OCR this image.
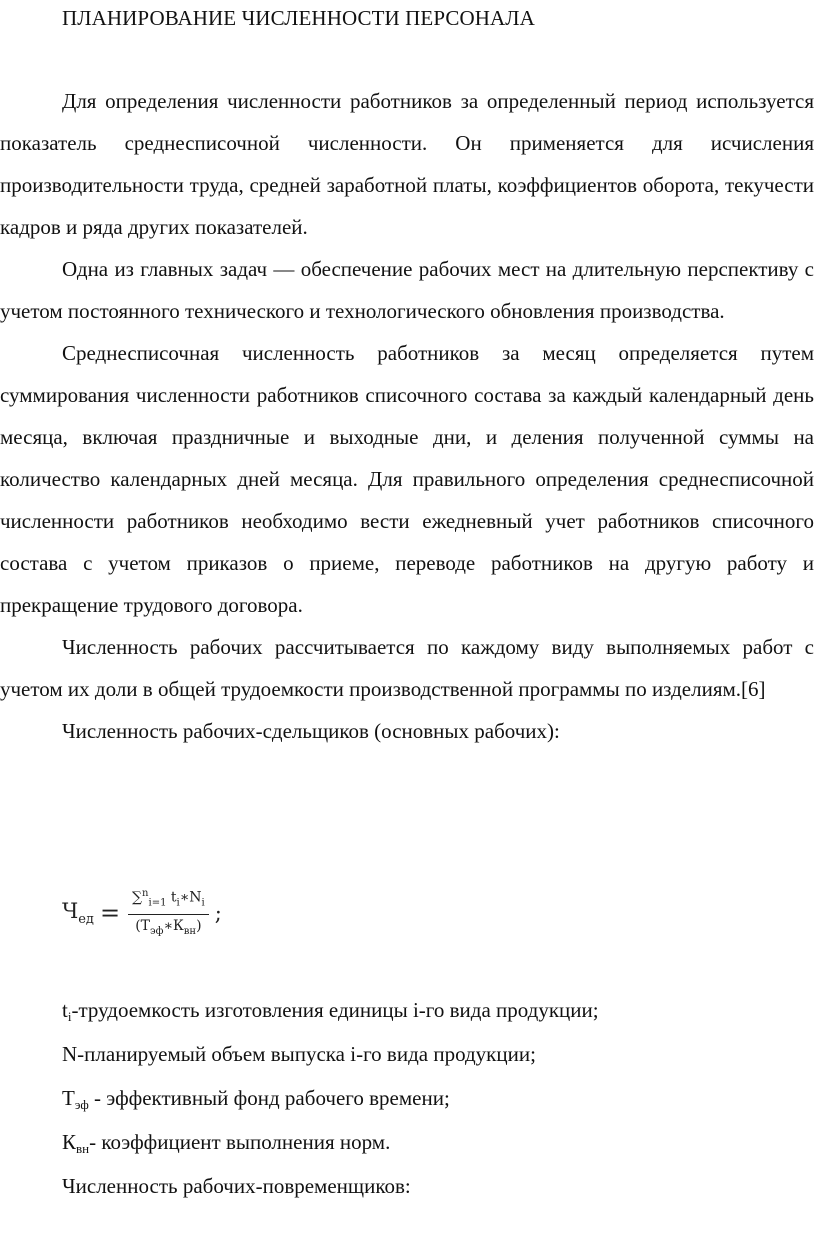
ПЛАНИРОВАНИЕ ЧИСЛЕННОСТИ ПЕРСОНАЛА

Для определения численности работников за определенный период используется показатель среднесписочной численности. Он применяется для исчисления производительности труда, средней заработной платы, коэффициентов оборота, текучести кадров и ряда других показателей.

Одна из главных задач — обеспечение рабочих мест на длительную перспективу с учетом постоянного технического и технологического обновления производства.

Среднесписочная численность работников за месяц определяется путем суммирования численности работников списочного состава за каждый календарный день месяца, включая праздничные и выходные дни, и деления полученной суммы на количество календарных дней месяца. Для правильного определения среднесписочной численности работников необходимо вести ежедневный учет работников списочного состава с учетом приказов о приеме, переводе работников на другую работу и прекращение трудового договора.

Численность рабочих рассчитывается по каждому виду выполняемых работ с учетом их доли в общей трудоемкости производственной программы по изделиям.[6]

Численность рабочих-сдельщиков (основных рабочих):

$Ч_{ед} = \frac{\sum^n_{i=1} t_i∗N_i}{(T_{эф}∗К_{вн})}$ ;

$t_i$-трудоемкость изготовления единицы i-го вида продукции;

N-планируемый объем выпуска i-го вида продукции;

$Т_{эф}$ - эффективный фонд рабочего времени;

$К_{вн}-$ коэффициент выполнения норм.

Численность рабочих-повременщиков:
